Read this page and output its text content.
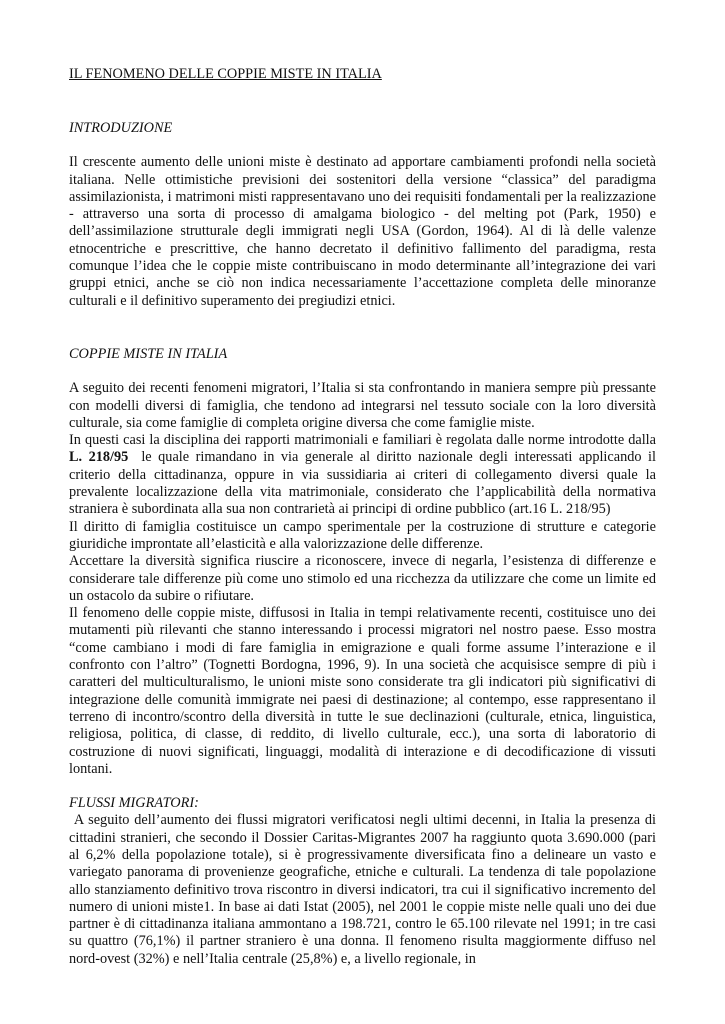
IL FENOMENO DELLE COPPIE MISTE IN ITALIA

INTRODUZIONE

Il crescente aumento delle unioni miste è destinato ad apportare cambiamenti profondi nella società italiana. Nelle ottimistiche previsioni dei sostenitori della versione “classica” del paradigma assimilazionista, i matrimoni misti rappresentavano uno dei requisiti fondamentali per la realizzazione - attraverso una sorta di processo di amalgama biologico - del melting pot (Park, 1950) e dell’assimilazione strutturale degli immigrati negli USA (Gordon, 1964). Al di là delle valenze etnocentriche e prescrittive, che hanno decretato il definitivo fallimento del paradigma, resta comunque l’idea che le coppie miste contribuiscano in modo determinante all’integrazione dei vari gruppi etnici, anche se ciò non indica necessariamente l’accettazione completa delle minoranze culturali e il definitivo superamento dei pregiudizi etnici.

COPPIE MISTE IN ITALIA

A seguito dei recenti fenomeni migratori, l’Italia si sta confrontando in maniera sempre più pressante con modelli diversi di famiglia, che tendono ad integrarsi nel tessuto sociale con la loro diversità culturale, sia come famiglie di completa origine diversa che come famiglie miste.

In questi casi la disciplina dei rapporti matrimoniali e familiari è regolata dalle norme introdotte dalla L. 218/95  le quale rimandano in via generale al diritto nazionale degli interessati applicando il criterio della cittadinanza, oppure in via sussidiaria ai criteri di collegamento diversi quale la prevalente localizzazione della vita matrimoniale, considerato che l’applicabilità della normativa straniera è subordinata alla sua non contrarietà ai principi di ordine pubblico (art.16 L. 218/95)

Il diritto di famiglia costituisce un campo sperimentale per la costruzione di strutture e categorie giuridiche improntate all’elasticità e alla valorizzazione delle differenze.

Accettare la diversità significa riuscire a riconoscere, invece di negarla, l’esistenza di differenze e considerare tale differenze più come uno stimolo ed una ricchezza da utilizzare che come un limite ed un ostacolo da subire o rifiutare.

Il fenomeno delle coppie miste, diffusosi in Italia in tempi relativamente recenti, costituisce uno dei mutamenti più rilevanti che stanno interessando i processi migratori nel nostro paese. Esso mostra “come cambiano i modi di fare famiglia in emigrazione e quali forme assume l’interazione e il confronto con l’altro” (Tognetti Bordogna, 1996, 9). In una società che acquisisce sempre di più i caratteri del multiculturalismo, le unioni miste sono considerate tra gli indicatori più significativi di integrazione delle comunità immigrate nei paesi di destinazione; al contempo, esse rappresentano il terreno di incontro/scontro della diversità in tutte le sue declinazioni (culturale, etnica, linguistica, religiosa, politica, di classe, di reddito, di livello culturale, ecc.), una sorta di laboratorio di costruzione di nuovi significati, linguaggi, modalità di interazione e di decodificazione di vissuti lontani.

FLUSSI MIGRATORI:

A seguito dell’aumento dei flussi migratori verificatosi negli ultimi decenni, in Italia la presenza di cittadini stranieri, che secondo il Dossier Caritas-Migrantes 2007 ha raggiunto quota 3.690.000 (pari al 6,2% della popolazione totale), si è progressivamente diversificata fino a delineare un vasto e variegato panorama di provenienze geografiche, etniche e culturali. La tendenza di tale popolazione allo stanziamento definitivo trova riscontro in diversi indicatori, tra cui il significativo incremento del numero di unioni miste1. In base ai dati Istat (2005), nel 2001 le coppie miste nelle quali uno dei due partner è di cittadinanza italiana ammontano a 198.721, contro le 65.100 rilevate nel 1991; in tre casi su quattro (76,1%) il partner straniero è una donna. Il fenomeno risulta maggiormente diffuso nel nord-ovest (32%) e nell’Italia centrale (25,8%) e, a livello regionale, in
